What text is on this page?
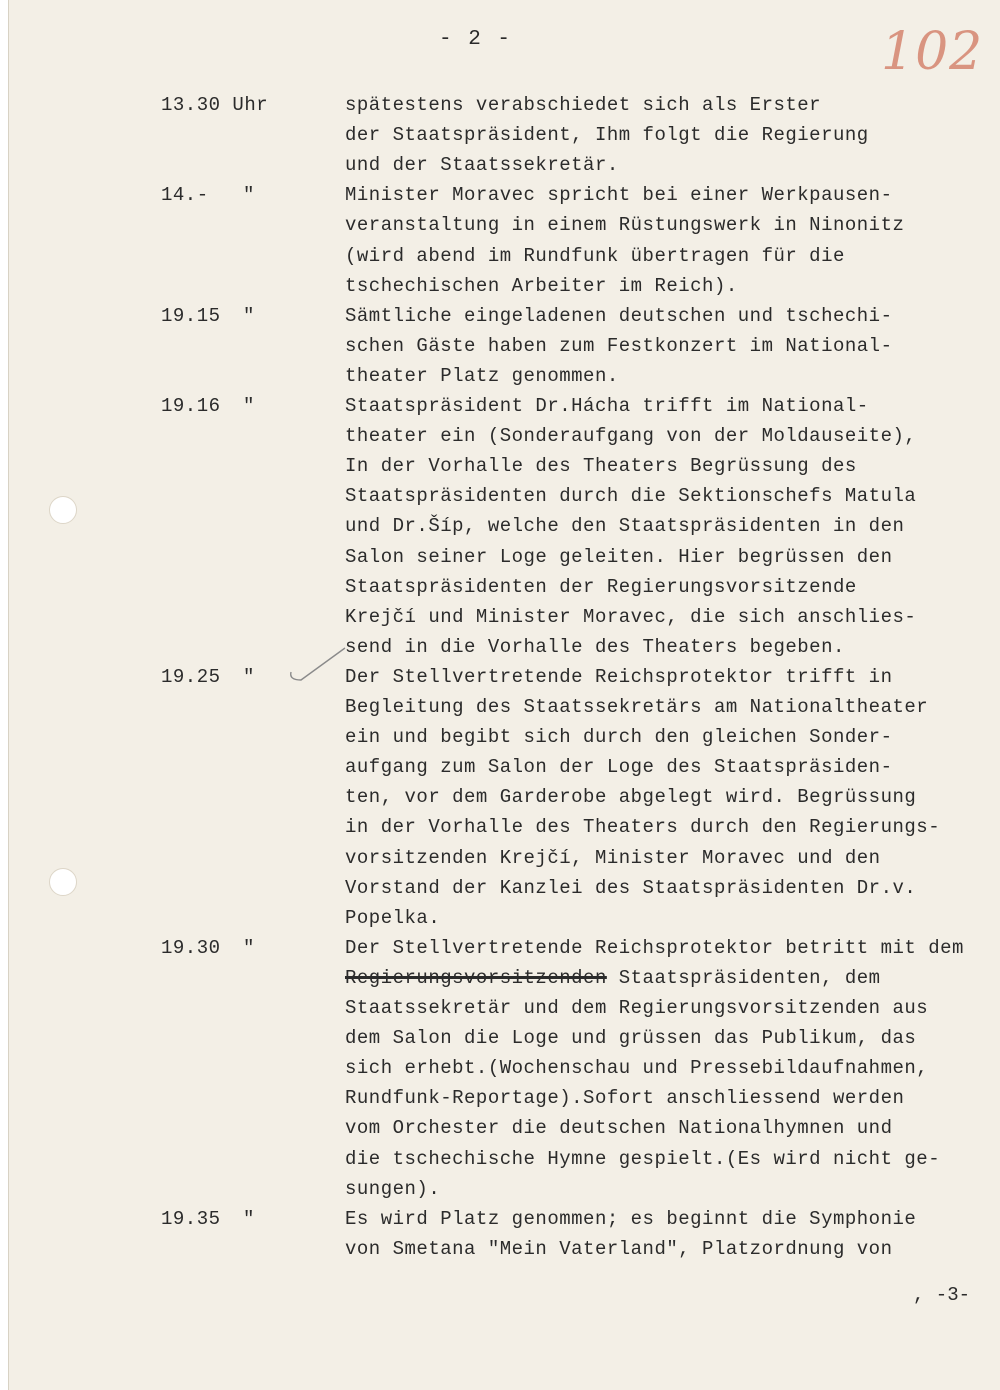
- 2 -	102
13.30 Uhr	spätestens verabschiedet sich als Erster
der Staatspräsident, Ihm folgt die Regierung
und der Staatssekretär.
14.- "	Minister Moravec spricht bei einer Werkpausen-
veranstaltung in einem Rüstungswerk in Ninonitz
(wird abend im Rundfunk übertragen für die
tschechischen Arbeiter im Reich).
19.15 "	Sämtliche eingeladenen deutschen und tschechi-
schen Gäste haben zum Festkonzert im National-
theater Platz genommen.
19.16 "	Staatspräsident Dr.Hácha trifft im National-
theater ein (Sonderaufgang von der Moldauseite),
In der Vorhalle des Theaters Begrüssung des
Staatspräsidenten durch die Sektionschefs Matula
und Dr.Šíp, welche den Staatspräsidenten in den
Salon seiner Loge geleiten. Hier begrüssen den
Staatspräsidenten der Regierungsvorsitzende
Krejčí und Minister Moravec, die sich anschlies-
send in die Vorhalle des Theaters begeben.
19.25 "	Der Stellvertretende Reichsprotektor trifft in
Begleitung des Staatssekretärs am Nationaltheater
ein und begibt sich durch den gleichen Sonder-
aufgang zum Salon der Loge des Staatspräsiden-
ten, vor dem Garderobe abgelegt wird. Begrüssung
in der Vorhalle des Theaters durch den Regierungs-
vorsitzenden Krejčí, Minister Moravec und den
Vorstand der Kanzlei des Staatspräsidenten Dr.v.
Popelka.
19.30 "	Der Stellvertretende Reichsprotektor betritt mit dem
Regierungsvorsitzenden Staatspräsidenten, dem
Staatssekretär und dem Regierungsvorsitzenden aus
dem Salon die Loge und grüssen das Publikum, das
sich erhebt.(Wochenschau und Pressebildaufnahmen,
Rundfunk-Reportage).Sofort anschliessend werden
vom Orchester die deutschen Nationalhymnen und
die tschechische Hymne gespielt.(Es wird nicht ge-
sungen).
19.35 "	Es wird Platz genommen; es beginnt die Symphonie
von Smetana "Mein Vaterland", Platzordnung von
, -3-
